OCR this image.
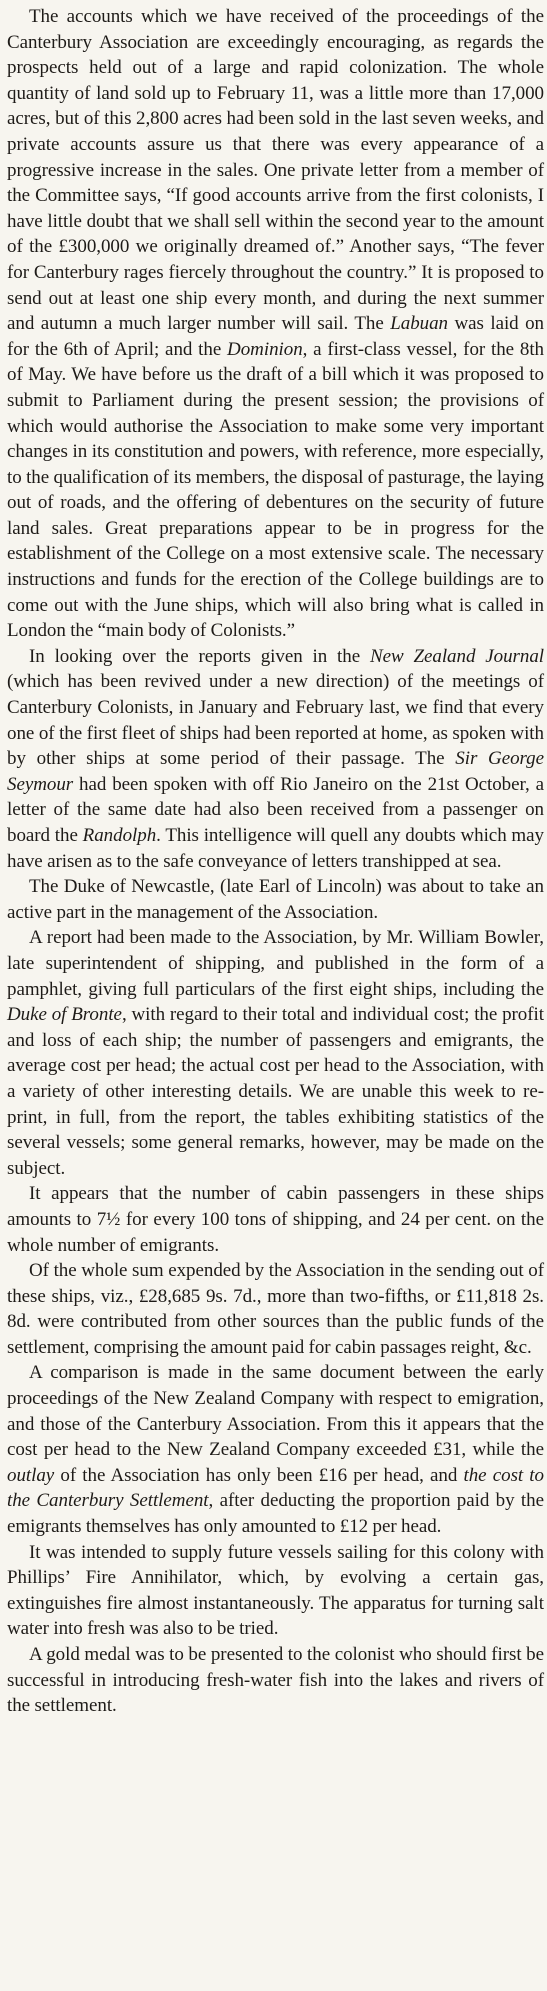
The accounts which we have received of the proceedings of the Canterbury Association are exceedingly encouraging, as regards the prospects held out of a large and rapid colonization. The whole quantity of land sold up to February 11, was a little more than 17,000 acres, but of this 2,800 acres had been sold in the last seven weeks, and private accounts assure us that there was every appearance of a progressive increase in the sales. One private letter from a member of the Committee says, “If good accounts arrive from the first colonists, I have little doubt that we shall sell within the second year to the amount of the £300,000 we originally dreamed of.” Another says, “The fever for Canterbury rages fiercely throughout the country.” It is proposed to send out at least one ship every month, and during the next summer and autumn a much larger number will sail. The Labuan was laid on for the 6th of April; and the Dominion, a first-class vessel, for the 8th of May. We have before us the draft of a bill which it was proposed to submit to Parliament during the present session; the provisions of which would authorise the Association to make some very important changes in its constitution and powers, with reference, more especially, to the qualification of its members, the disposal of pasturage, the laying out of roads, and the offering of debentures on the security of future land sales. Great preparations appear to be in progress for the establishment of the College on a most extensive scale. The necessary instructions and funds for the erection of the College buildings are to come out with the June ships, which will also bring what is called in London the “main body of Colonists.”

In looking over the reports given in the New Zealand Journal (which has been revived under a new direction) of the meetings of Canterbury Colonists, in January and February last, we find that every one of the first fleet of ships had been reported at home, as spoken with by other ships at some period of their passage. The Sir George Seymour had been spoken with off Rio Janeiro on the 21st October, a letter of the same date had also been received from a passenger on board the Randolph. This intelligence will quell any doubts which may have arisen as to the safe conveyance of letters transhipped at sea.

The Duke of Newcastle, (late Earl of Lincoln) was about to take an active part in the management of the Association.

A report had been made to the Association, by Mr. William Bowler, late superintendent of shipping, and published in the form of a pamphlet, giving full particulars of the first eight ships, including the Duke of Bronte, with regard to their total and individual cost; the profit and loss of each ship; the number of passengers and emigrants, the average cost per head; the actual cost per head to the Association, with a variety of other interesting details. We are unable this week to re-print, in full, from the report, the tables exhibiting statistics of the several vessels; some general remarks, however, may be made on the subject.

It appears that the number of cabin passengers in these ships amounts to 7½ for every 100 tons of shipping, and 24 per cent. on the whole number of emigrants.

Of the whole sum expended by the Association in the sending out of these ships, viz., £28,685 9s. 7d., more than two-fifths, or £11,818 2s. 8d. were contributed from other sources than the public funds of the settlement, comprising the amount paid for cabin passages reight, &c.

A comparison is made in the same document between the early proceedings of the New Zealand Company with respect to emigration, and those of the Canterbury Association. From this it appears that the cost per head to the New Zealand Company exceeded £31, while the outlay of the Association has only been £16 per head, and the cost to the Canterbury Settlement, after deducting the proportion paid by the emigrants themselves has only amounted to £12 per head.

It was intended to supply future vessels sailing for this colony with Phillips’ Fire Annihilator, which, by evolving a certain gas, extinguishes fire almost instantaneously. The apparatus for turning salt water into fresh was also to be tried.

A gold medal was to be presented to the colonist who should first be successful in introducing fresh-water fish into the lakes and rivers of the settlement.
